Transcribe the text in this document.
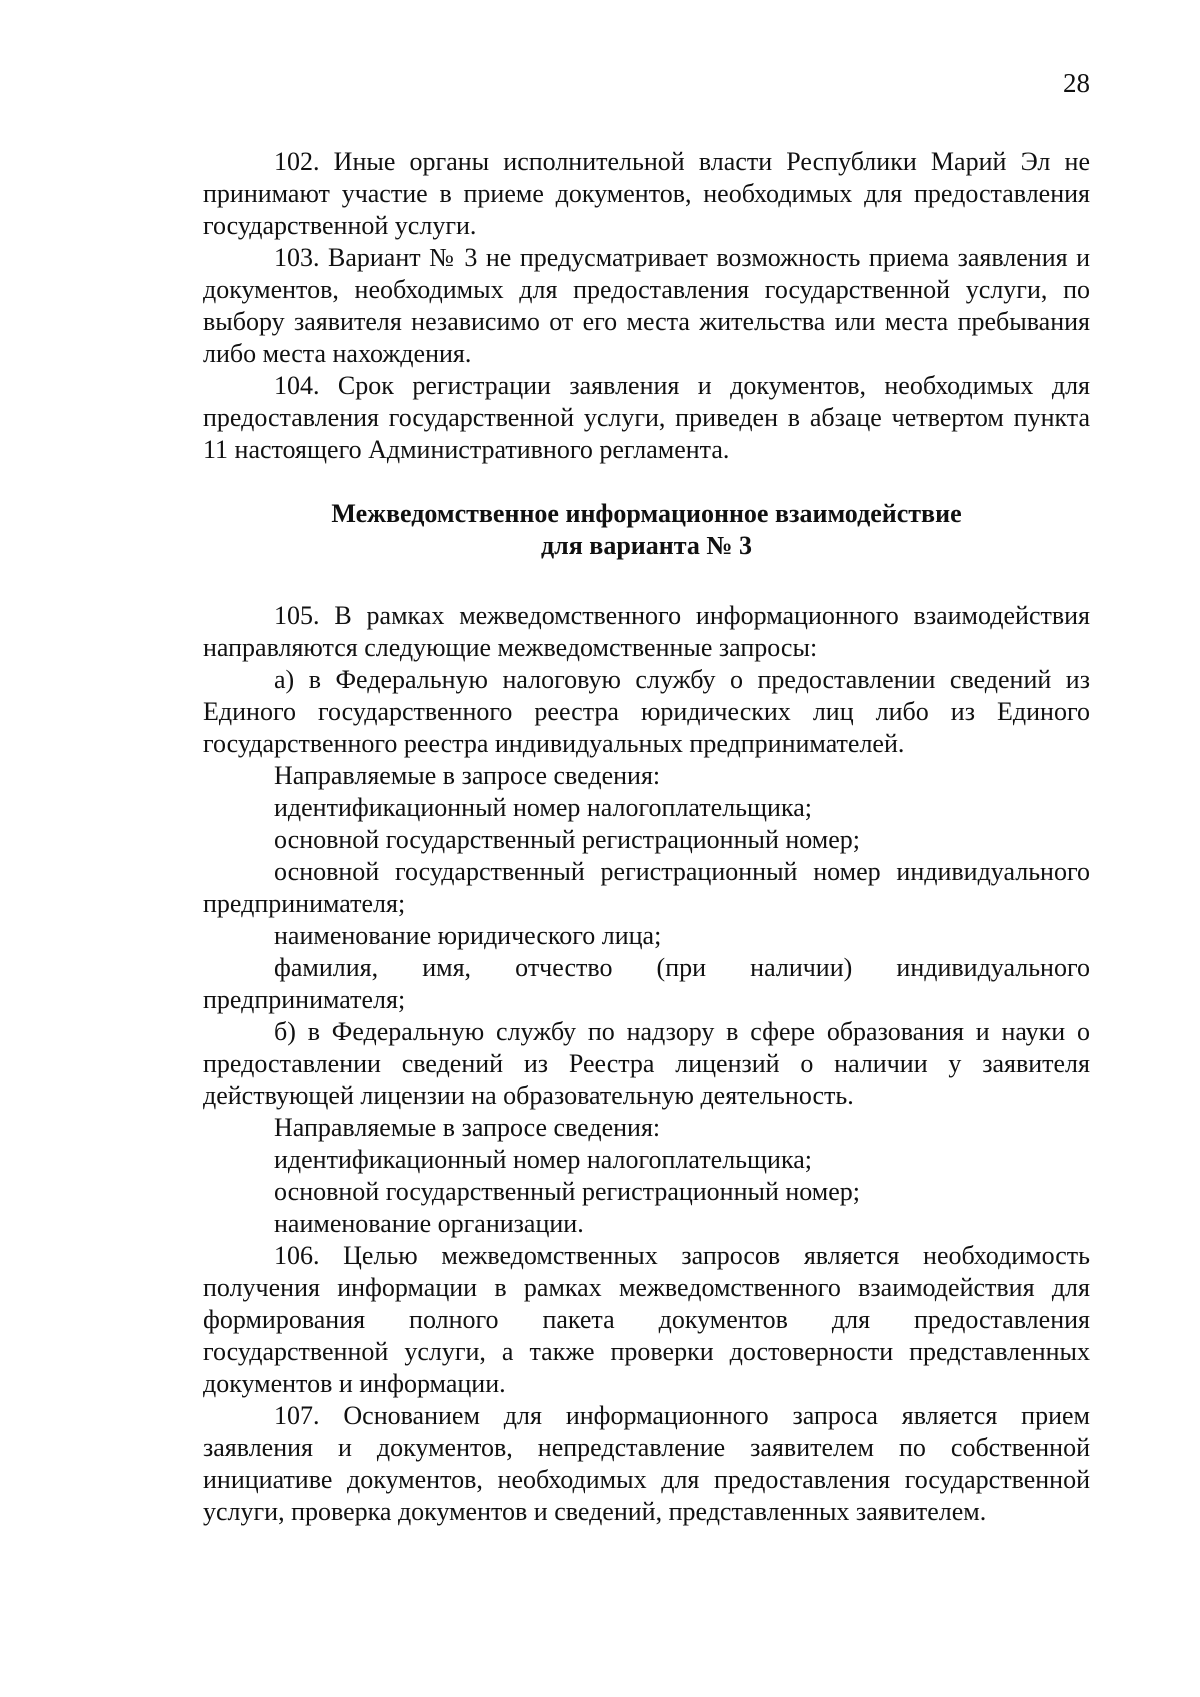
28

102. Иные органы исполнительной власти Республики Марий Эл не принимают участие в приеме документов, необходимых для предоставления государственной услуги.

103. Вариант № 3 не предусматривает возможность приема заявления и документов, необходимых для предоставления государственной услуги, по выбору заявителя независимо от его места жительства или места пребывания либо места нахождения.

104. Срок регистрации заявления и документов, необходимых для предоставления государственной услуги, приведен в абзаце четвертом пункта 11 настоящего Административного регламента.

Межведомственное информационное взаимодействие
для варианта № 3

105. В рамках межведомственного информационного взаимодействия направляются следующие межведомственные запросы:

а) в Федеральную налоговую службу о предоставлении сведений из Единого государственного реестра юридических лиц либо из Единого государственного реестра индивидуальных предпринимателей.

Направляемые в запросе сведения:

идентификационный номер налогоплательщика;

основной государственный регистрационный номер;

основной государственный регистрационный номер индивидуального предпринимателя;

наименование юридического лица;

фамилия, имя, отчество (при наличии) индивидуального предпринимателя;

б) в Федеральную службу по надзору в сфере образования и науки о предоставлении сведений из Реестра лицензий о наличии у заявителя действующей лицензии на образовательную деятельность.

Направляемые в запросе сведения:

идентификационный номер налогоплательщика;

основной государственный регистрационный номер;

наименование организации.

106. Целью межведомственных запросов является необходимость получения информации в рамках межведомственного взаимодействия для формирования полного пакета документов для предоставления государственной услуги, а также проверки достоверности представленных документов и информации.

107. Основанием для информационного запроса является прием заявления и документов, непредставление заявителем по собственной инициативе документов, необходимых для предоставления государственной услуги, проверка документов и сведений, представленных заявителем.
